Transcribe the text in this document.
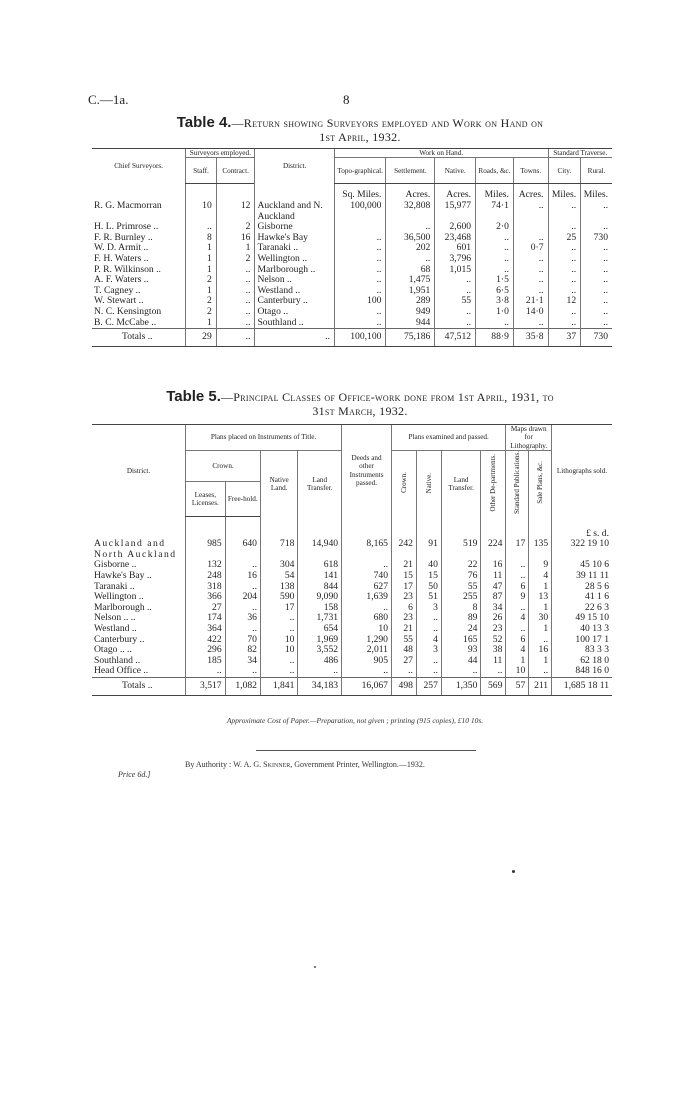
C.—1a.	8
Table 4.—Return showing Surveyors employed and Work on Hand on
1st April, 1932.
Chief Surveyors.	Surveyors employed.		District.	Work on Hand.					Standard Traverse.	
	Staff.	Contract.		Topo-graphical.	Settlement.	Native.	Roads, &c.	Towns.	City.	Rural.
				Sq. Miles.	Acres.	Acres.	Miles.	Acres.	Miles.	Miles.
R. G. Macmorran	10	12	Auckland and N. Auckland	100,000	32,808	15,977	74·1	..	..	..
H. L. Primrose ..	..	2	Gisborne		..	2,600	2·0		..	..
F. R. Burnley ..	8	16	Hawke's Bay	..	36,500	23,468	..	..	25	730
W. D. Armit ..	1	1	Taranaki ..	..	202	601	..	0·7	..	..
F. H. Waters ..	1	2	Wellington ..	..	..	3,796	..	..	..	..
P. R. Wilkinson ..	1	..	Marlborough ..	..	68	1,015	..	..	..	..
A. F. Waters ..	2	..	Nelson ..	..	1,475	..	1·5	..	..	..
T. Cagney ..	1	..	Westland ..	..	1,951	..	6·5	..	..	..
W. Stewart ..	2	..	Canterbury ..	100	289	55	3·8	21·1	12	..
N. C. Kensington	2	..	Otago ..	..	949	..	1·0	14·0	..	..
B. C. McCabe ..	1	..	Southland ..	..	944	..	..	..	..	..
Totals ..	29	..	..	100,100	75,186	47,512	88·9	35·8	37	730
Table 5.—Principal Classes of Office-work done from 1st April, 1931, to
31st March, 1932.
District.	Plans placed on Instruments of Title.				Deeds and other Instruments passed.	Plans examined and passed.				Maps drawn for Lithography.		Lithographs sold.
	Crown.		Native Land.	Land Transfer.		Crown.	Native.	Land Transfer.	Other De-partments.	Standard Publications.	Sale Plans, &c.	
	Leases, Licenses.	Free-hold.										
												£ s. d.
Auckland and North Auckland	985	640	718	14,940	8,165	242	91	519	224	17	135	322 19 10
Gisborne ..	132	..	304	618	..	21	40	22	16	..	9	45 10 6
Hawke's Bay ..	248	16	54	141	740	15	15	76	11	..	4	39 11 11
Taranaki ..	318	..	138	844	627	17	50	55	47	6	1	28 5 6
Wellington ..	366	204	590	9,090	1,639	23	51	255	87	9	13	41 1 6
Marlborough ..	27	..	17	158	..	6	3	8	34	..	1	22 6 3
Nelson .. ..	174	36	..	1,731	680	23	..	89	26	4	30	49 15 10
Westland ..	364	..	..	654	10	21	..	24	23	..	1	40 13 3
Canterbury ..	422	70	10	1,969	1,290	55	4	165	52	6	..	100 17 1
Otago .. ..	296	82	10	3,552	2,011	48	3	93	38	4	16	83 3 3
Southland ..	185	34	..	486	905	27	..	44	11	1	1	62 18 0
Head Office ..	..	..	..	..	..	..	..	..	..	10	..	848 16 0
Totals ..	3,517	1,082	1,841	34,183	16,067	498	257	1,350	569	57	211	1,685 18 11
Approximate Cost of Paper.—Preparation, not given ; printing (915 copies), £10 10s.
By Authority : W. A. G. Skinner, Government Printer, Wellington.—1932.
Price 6d.]
